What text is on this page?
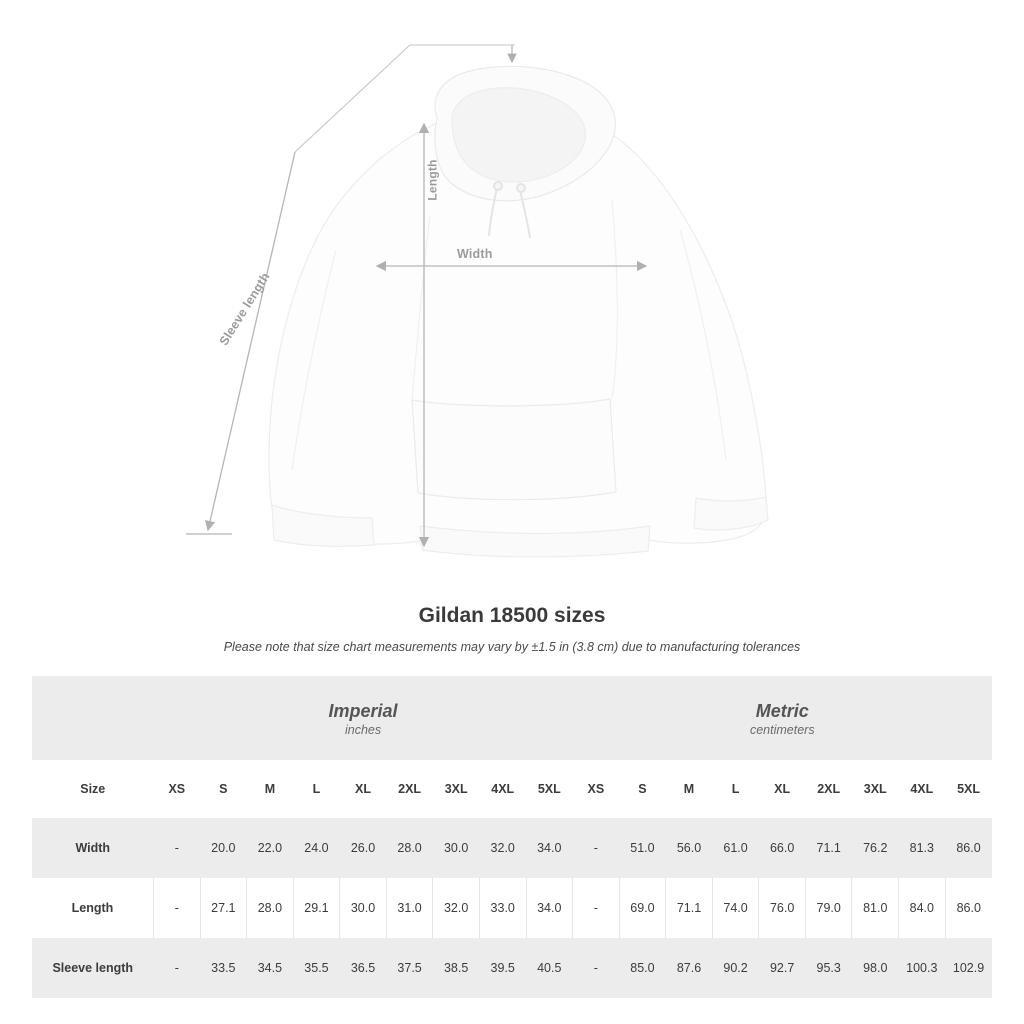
Width
Length
Sleeve length
Gildan 18500 sizes
Please note that size chart measurements may vary by ±1.5 in (3.8 cm) due to manufacturing tolerances

Imperial
inches

Metric
centimeters

Size	XS	S	M	L	XL	2XL	3XL	4XL	5XL	XS	S	M	L	XL	2XL	3XL	4XL	5XL
Width	-	20.0	22.0	24.0	26.0	28.0	30.0	32.0	34.0	-	51.0	56.0	61.0	66.0	71.1	76.2	81.3	86.0
Length	-	27.1	28.0	29.1	30.0	31.0	32.0	33.0	34.0	-	69.0	71.1	74.0	76.0	79.0	81.0	84.0	86.0
Sleeve length	-	33.5	34.5	35.5	36.5	37.5	38.5	39.5	40.5	-	85.0	87.6	90.2	92.7	95.3	98.0	100.3	102.9
